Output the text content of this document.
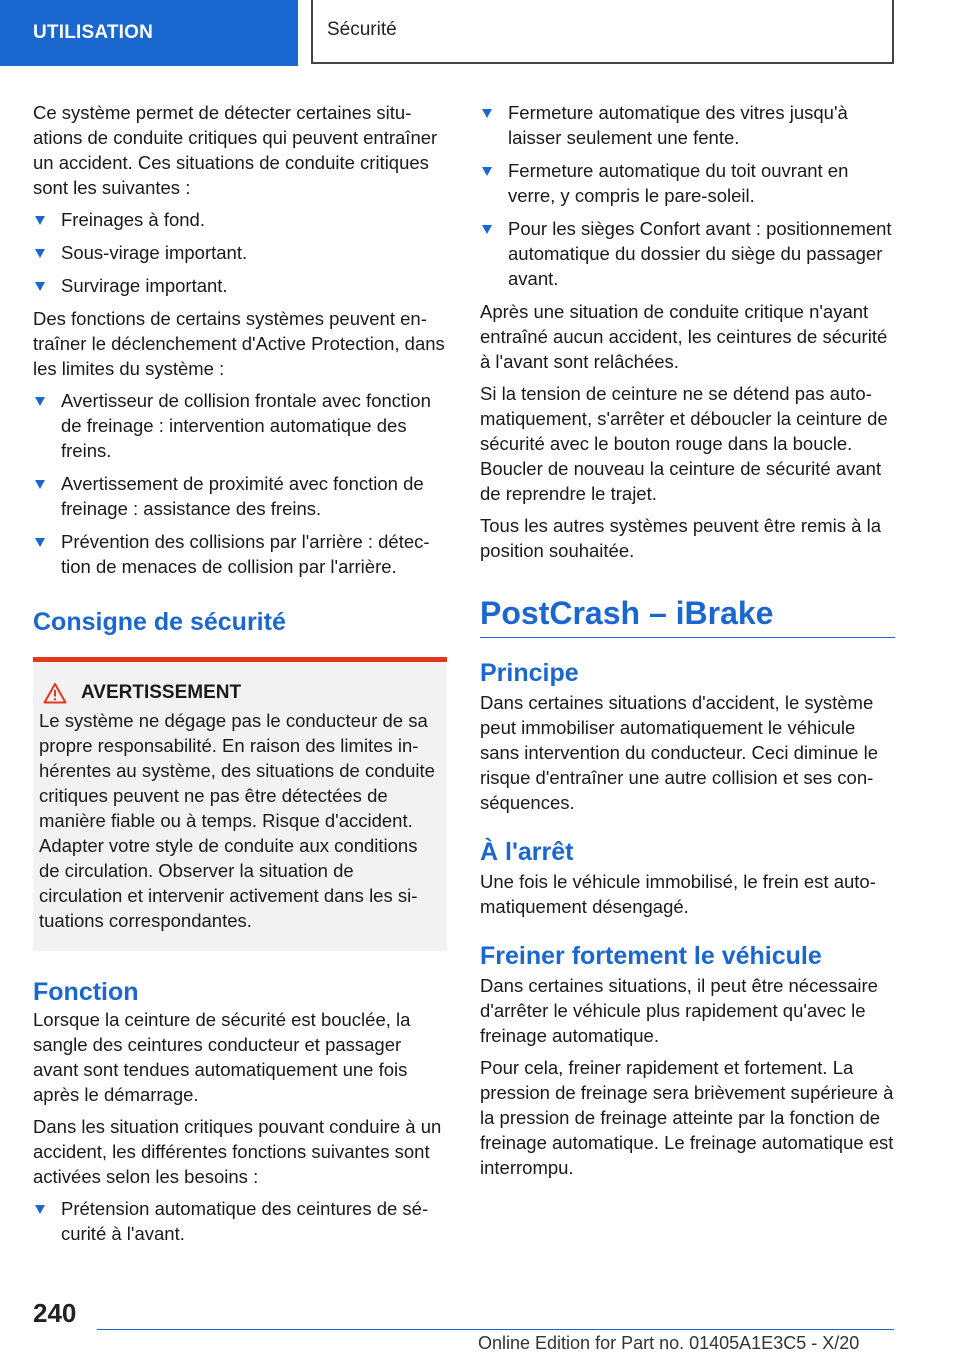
UTILISATION	Sécurité

Ce système permet de détecter certaines situations de conduite critiques qui peuvent entraîner un accident. Ces situations de conduite critiques sont les suivantes :

Freinages à fond.
Sous-virage important.
Survirage important.

Des fonctions de certains systèmes peuvent entraîner le déclenchement d'Active Protection, dans les limites du système :

Avertisseur de collision frontale avec fonction de freinage : intervention automatique des freins.
Avertissement de proximité avec fonction de freinage : assistance des freins.
Prévention des collisions par l'arrière : détection de menaces de collision par l'arrière.
Consigne de sécurité
AVERTISSEMENT

Le système ne dégage pas le conducteur de sa propre responsabilité. En raison des limites inhérentes au système, des situations de conduite critiques peuvent ne pas être détectées de manière fiable ou à temps. Risque d'accident. Adapter votre style de conduite aux conditions de circulation. Observer la situation de circulation et intervenir activement dans les situations correspondantes.

Fonction

Lorsque la ceinture de sécurité est bouclée, la sangle des ceintures conducteur et passager avant sont tendues automatiquement une fois après le démarrage.

Dans les situation critiques pouvant conduire à un accident, les différentes fonctions suivantes sont activées selon les besoins :

Prétension automatique des ceintures de sécurité à l'avant.
Fermeture automatique des vitres jusqu'à laisser seulement une fente.
Fermeture automatique du toit ouvrant en verre, y compris le pare-soleil.
Pour les sièges Confort avant : positionnement automatique du dossier du siège du passager avant.

Après une situation de conduite critique n'ayant entraîné aucun accident, les ceintures de sécurité à l'avant sont relâchées.

Si la tension de ceinture ne se détend pas automatiquement, s'arrêter et déboucler la ceinture de sécurité avec le bouton rouge dans la boucle. Boucler de nouveau la ceinture de sécurité avant de reprendre le trajet.

Tous les autres systèmes peuvent être remis à la position souhaitée.

PostCrash – iBrake
Principe

Dans certaines situations d'accident, le système peut immobiliser automatiquement le véhicule sans intervention du conducteur. Ceci diminue le risque d'entraîner une autre collision et ses conséquences.

À l'arrêt

Une fois le véhicule immobilisé, le frein est automatiquement désengagé.

Freiner fortement le véhicule

Dans certaines situations, il peut être nécessaire d'arrêter le véhicule plus rapidement qu'avec le freinage automatique.

Pour cela, freiner rapidement et fortement. La pression de freinage sera brièvement supérieure à la pression de freinage atteinte par la fonction de freinage automatique. Le freinage automatique est interrompu.

240
Online Edition for Part no. 01405A1E3C5 - X/20
